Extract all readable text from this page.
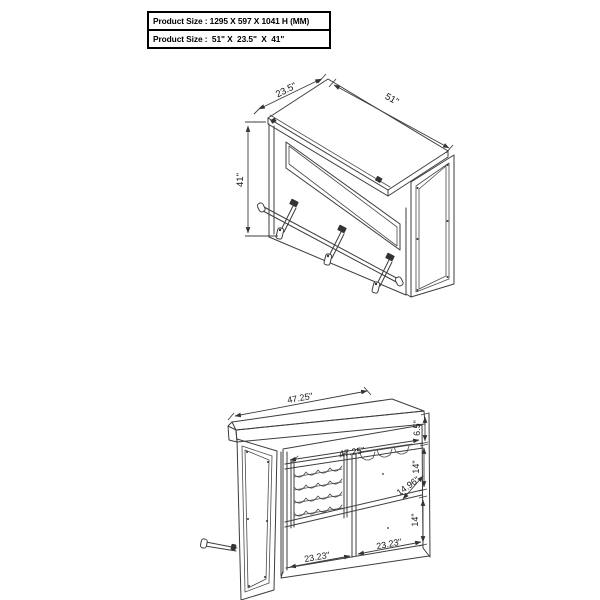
Product Size : 1295 X 597 X 1041 H (MM)
Product Size :  51" X  23.5"  X  41"
41"
23.5"	51"
47.25"
47.25"
6.5"
14"
14.96"
14"
23.23"
23.23"
